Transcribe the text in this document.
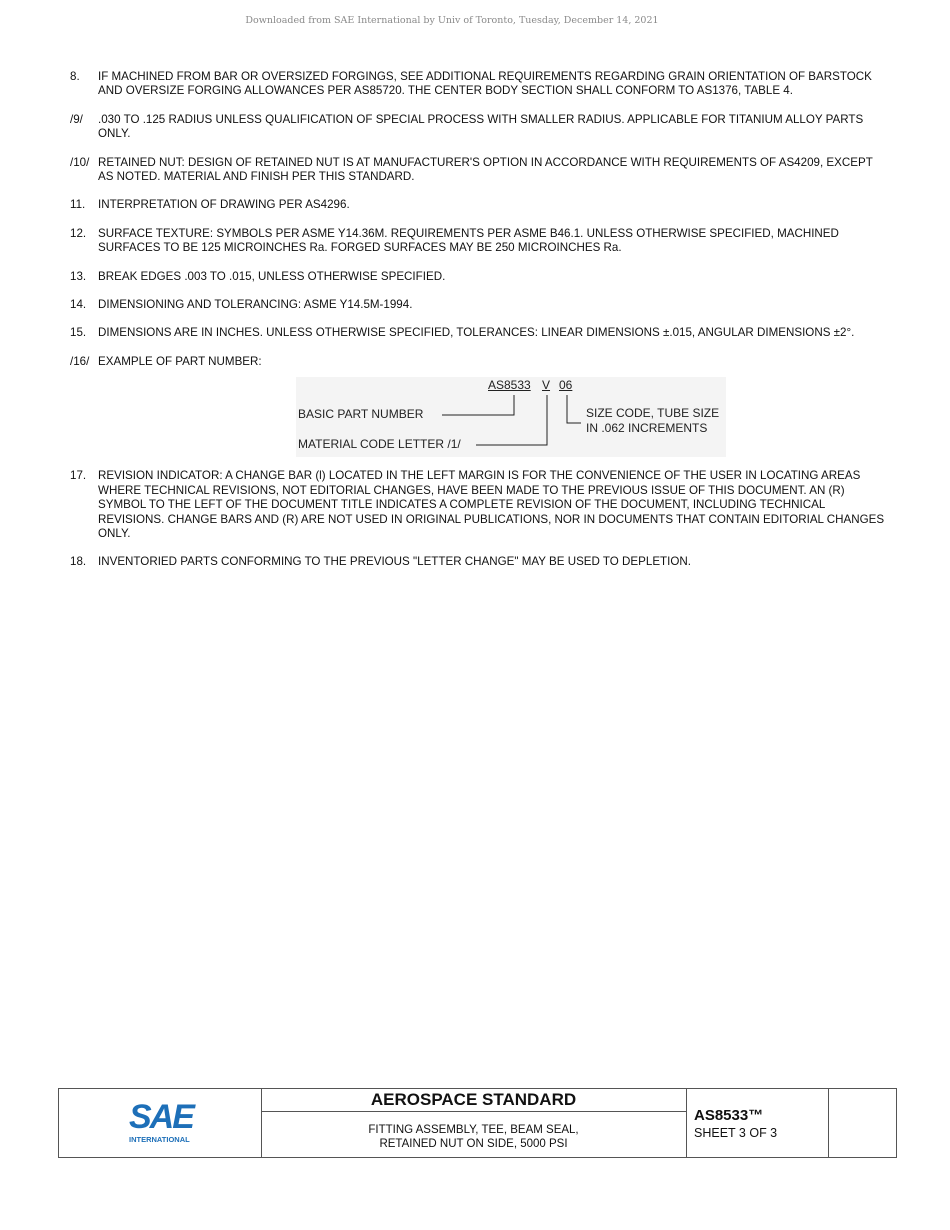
Downloaded from SAE International by Univ of Toronto, Tuesday, December 14, 2021
8.	IF MACHINED FROM BAR OR OVERSIZED FORGINGS, SEE ADDITIONAL REQUIREMENTS REGARDING GRAIN ORIENTATION OF BARSTOCK AND OVERSIZE FORGING ALLOWANCES PER AS85720. THE CENTER BODY SECTION SHALL CONFORM TO AS1376, TABLE 4.
/9/	.030 TO .125 RADIUS UNLESS QUALIFICATION OF SPECIAL PROCESS WITH SMALLER RADIUS. APPLICABLE FOR TITANIUM ALLOY PARTS ONLY.
/10/ RETAINED NUT: DESIGN OF RETAINED NUT IS AT MANUFACTURER'S OPTION IN ACCORDANCE WITH REQUIREMENTS OF AS4209, EXCEPT AS NOTED. MATERIAL AND FINISH PER THIS STANDARD.
11.	INTERPRETATION OF DRAWING PER AS4296.
12.	SURFACE TEXTURE: SYMBOLS PER ASME Y14.36M. REQUIREMENTS PER ASME B46.1. UNLESS OTHERWISE SPECIFIED, MACHINED SURFACES TO BE 125 MICROINCHES Ra. FORGED SURFACES MAY BE 250 MICROINCHES Ra.
13.	BREAK EDGES .003 TO .015, UNLESS OTHERWISE SPECIFIED.
14.	DIMENSIONING AND TOLERANCING: ASME Y14.5M-1994.
15.	DIMENSIONS ARE IN INCHES. UNLESS OTHERWISE SPECIFIED, TOLERANCES: LINEAR DIMENSIONS ±.015, ANGULAR DIMENSIONS ±2°.
/16/ EXAMPLE OF PART NUMBER:
AS8533 V 06
BASIC PART NUMBER
MATERIAL CODE LETTER /1/
SIZE CODE, TUBE SIZE
IN .062 INCREMENTS
17.	REVISION INDICATOR: A CHANGE BAR (l) LOCATED IN THE LEFT MARGIN IS FOR THE CONVENIENCE OF THE USER IN LOCATING AREAS WHERE TECHNICAL REVISIONS, NOT EDITORIAL CHANGES, HAVE BEEN MADE TO THE PREVIOUS ISSUE OF THIS DOCUMENT. AN (R) SYMBOL TO THE LEFT OF THE DOCUMENT TITLE INDICATES A COMPLETE REVISION OF THE DOCUMENT, INCLUDING TECHNICAL REVISIONS. CHANGE BARS AND (R) ARE NOT USED IN ORIGINAL PUBLICATIONS, NOR IN DOCUMENTS THAT CONTAIN EDITORIAL CHANGES ONLY.
18.	INVENTORIED PARTS CONFORMING TO THE PREVIOUS "LETTER CHANGE" MAY BE USED TO DEPLETION.
SAE
INTERNATIONAL
AEROSPACE STANDARD
FITTING ASSEMBLY, TEE, BEAM SEAL,
RETAINED NUT ON SIDE, 5000 PSI
AS8533™
SHEET 3 OF 3
